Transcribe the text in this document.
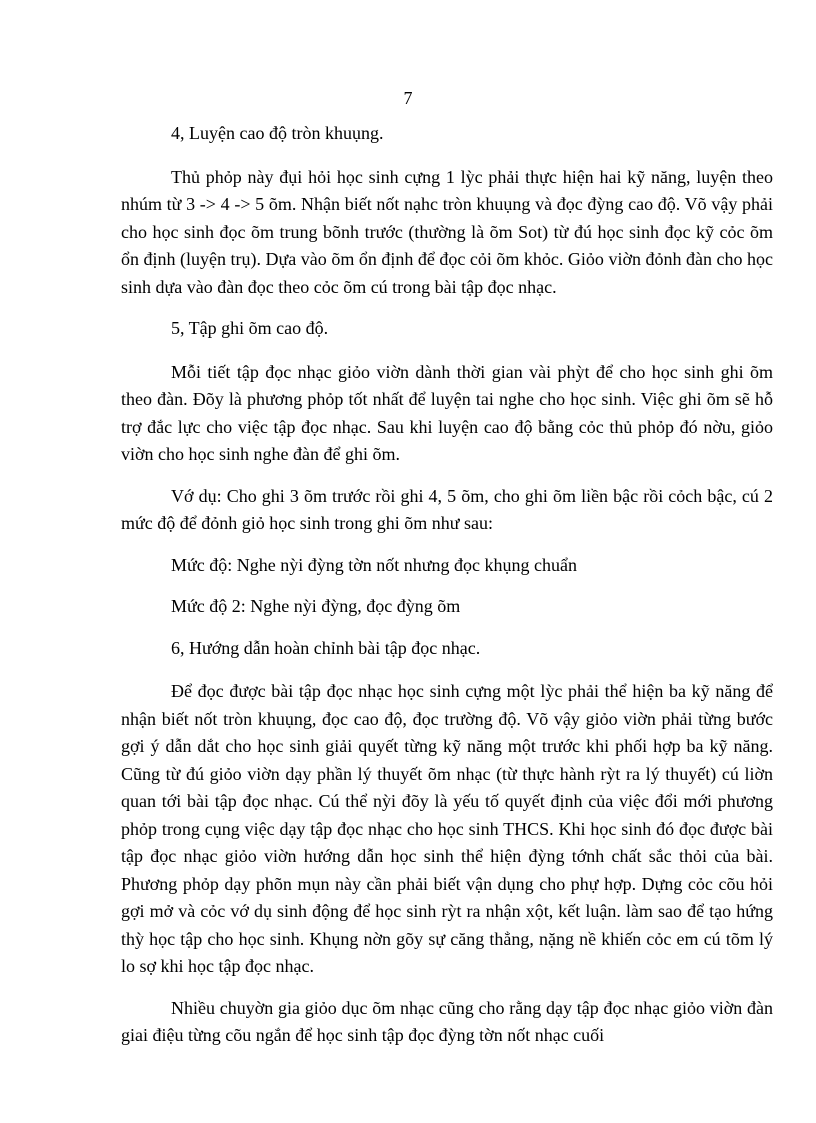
7

4, Luyện cao độ tròn khuụng.

Thủ phỏp này đụi hỏi học sinh cựng 1 lỳc phải thực hiện hai kỹ năng, luyện theo nhúm từ 3 -> 4 -> 5 õm. Nhận biết nốt nạhc tròn khuụng và đọc đỳng cao độ. Võ vậy phải cho học sinh đọc õm trung bõnh trước (thường là õm Sot) từ đú học sinh đọc kỹ cỏc õm ổn định (luyện trụ). Dựa vào õm ổn định để đọc cỏi õm khỏc. Giỏo viờn đỏnh đàn cho học sinh dựa vào đàn đọc theo cỏc õm cú trong bài tập đọc nhạc.

5, Tập ghi õm cao độ.

Mỗi tiết tập đọc nhạc giỏo viờn dành thời gian vài phỳt để cho học sinh ghi õm theo đàn. Đõy là phương phỏp tốt nhất để luyện tai nghe cho học sinh. Việc ghi õm sẽ hỗ trợ đắc lực cho việc tập đọc nhạc. Sau khi luyện cao độ bằng cỏc thủ phỏp đó nờu, giỏo viờn cho học sinh nghe đàn để ghi õm.

Vớ dụ: Cho ghi 3 õm trước rồi ghi 4, 5 õm, cho ghi õm liền bậc rồi cỏch bậc, cú 2 mức độ để đỏnh giỏ học sinh trong ghi õm như sau:

Mức độ: Nghe nỳi đỳng tờn nốt nhưng đọc khụng chuẩn

Mức độ 2: Nghe nỳi đỳng, đọc đỳng õm

6, Hướng dẫn hoàn chỉnh bài tập đọc nhạc.

Để đọc được bài tập đọc nhạc học sinh cựng một lỳc phải thể hiện ba kỹ năng để nhận biết nốt tròn khuụng, đọc cao độ, đọc trường độ. Võ vậy giỏo viờn phải từng bước gợi ý dẫn dắt cho học sinh giải quyết từng kỹ năng một trước khi phối hợp ba kỹ năng. Cũng từ đú giỏo viờn dạy phần lý thuyết õm nhạc (từ thực hành rỳt ra lý thuyết) cú liờn quan tới bài tập đọc nhạc. Cú thể nỳi đõy là yếu tố quyết định của việc đổi mới phương phỏp trong cụng việc dạy tập đọc nhạc cho học sinh THCS. Khi học sinh đó đọc được bài tập đọc nhạc giỏo viờn hướng dẫn học sinh thể hiện đỳng tớnh chất sắc thỏi của bài. Phương phỏp dạy phõn mụn này cần phải biết vận dụng cho phự hợp. Dựng cỏc cõu hỏi gợi mở và cỏc vớ dụ sinh động để học sinh rỳt ra nhận xột, kết luận. làm sao để tạo hứng thỳ học tập cho học sinh. Khụng nờn gõy sự căng thẳng, nặng nề khiến cỏc em cú tõm lý lo sợ khi học tập đọc nhạc.

Nhiều chuyờn gia giỏo dục õm nhạc cũng cho rằng dạy tập đọc nhạc giỏo viờn đàn giai điệu từng cõu ngắn để học sinh tập đọc đỳng tờn nốt nhạc cuối
